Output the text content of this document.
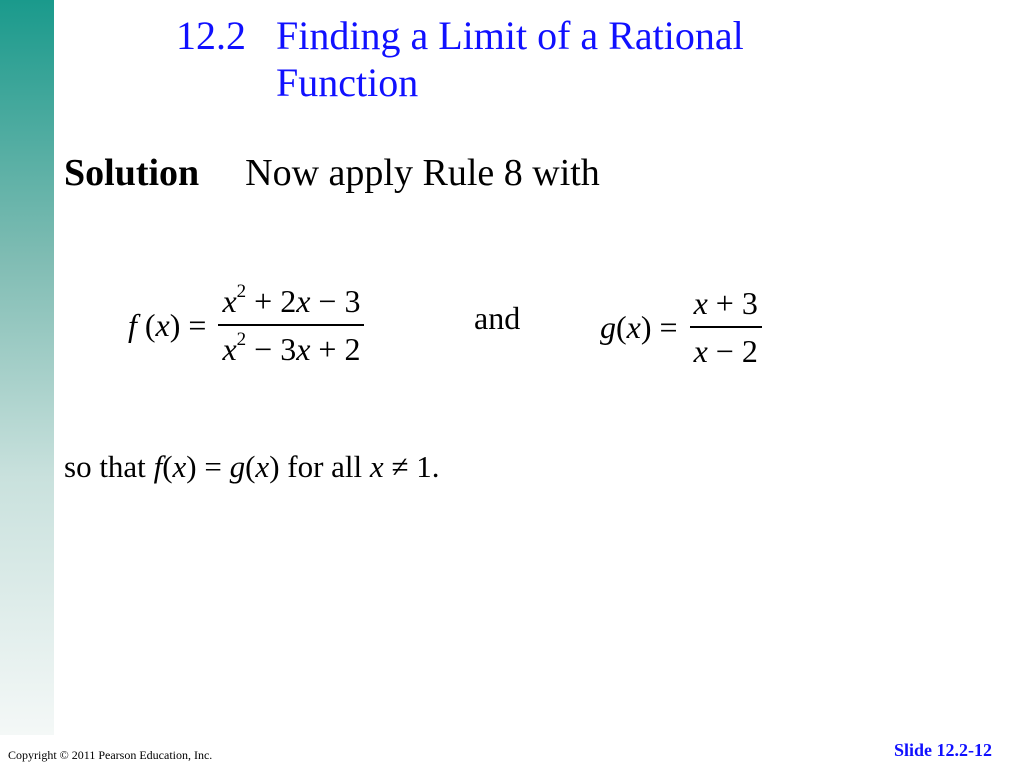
12.2 Finding a Limit of a Rational Function
Solution Now apply Rule 8 with
f $(x) = \frac{x^2 + 2x - 3}{x^2 - 3x + 2}$	and $g(x) = \frac{x + 3}{x - 2}$
so that f(x) = g(x) for all x ≠ 1.
Copyright © 2011 Pearson Education, Inc.	Slide 12.2-12
